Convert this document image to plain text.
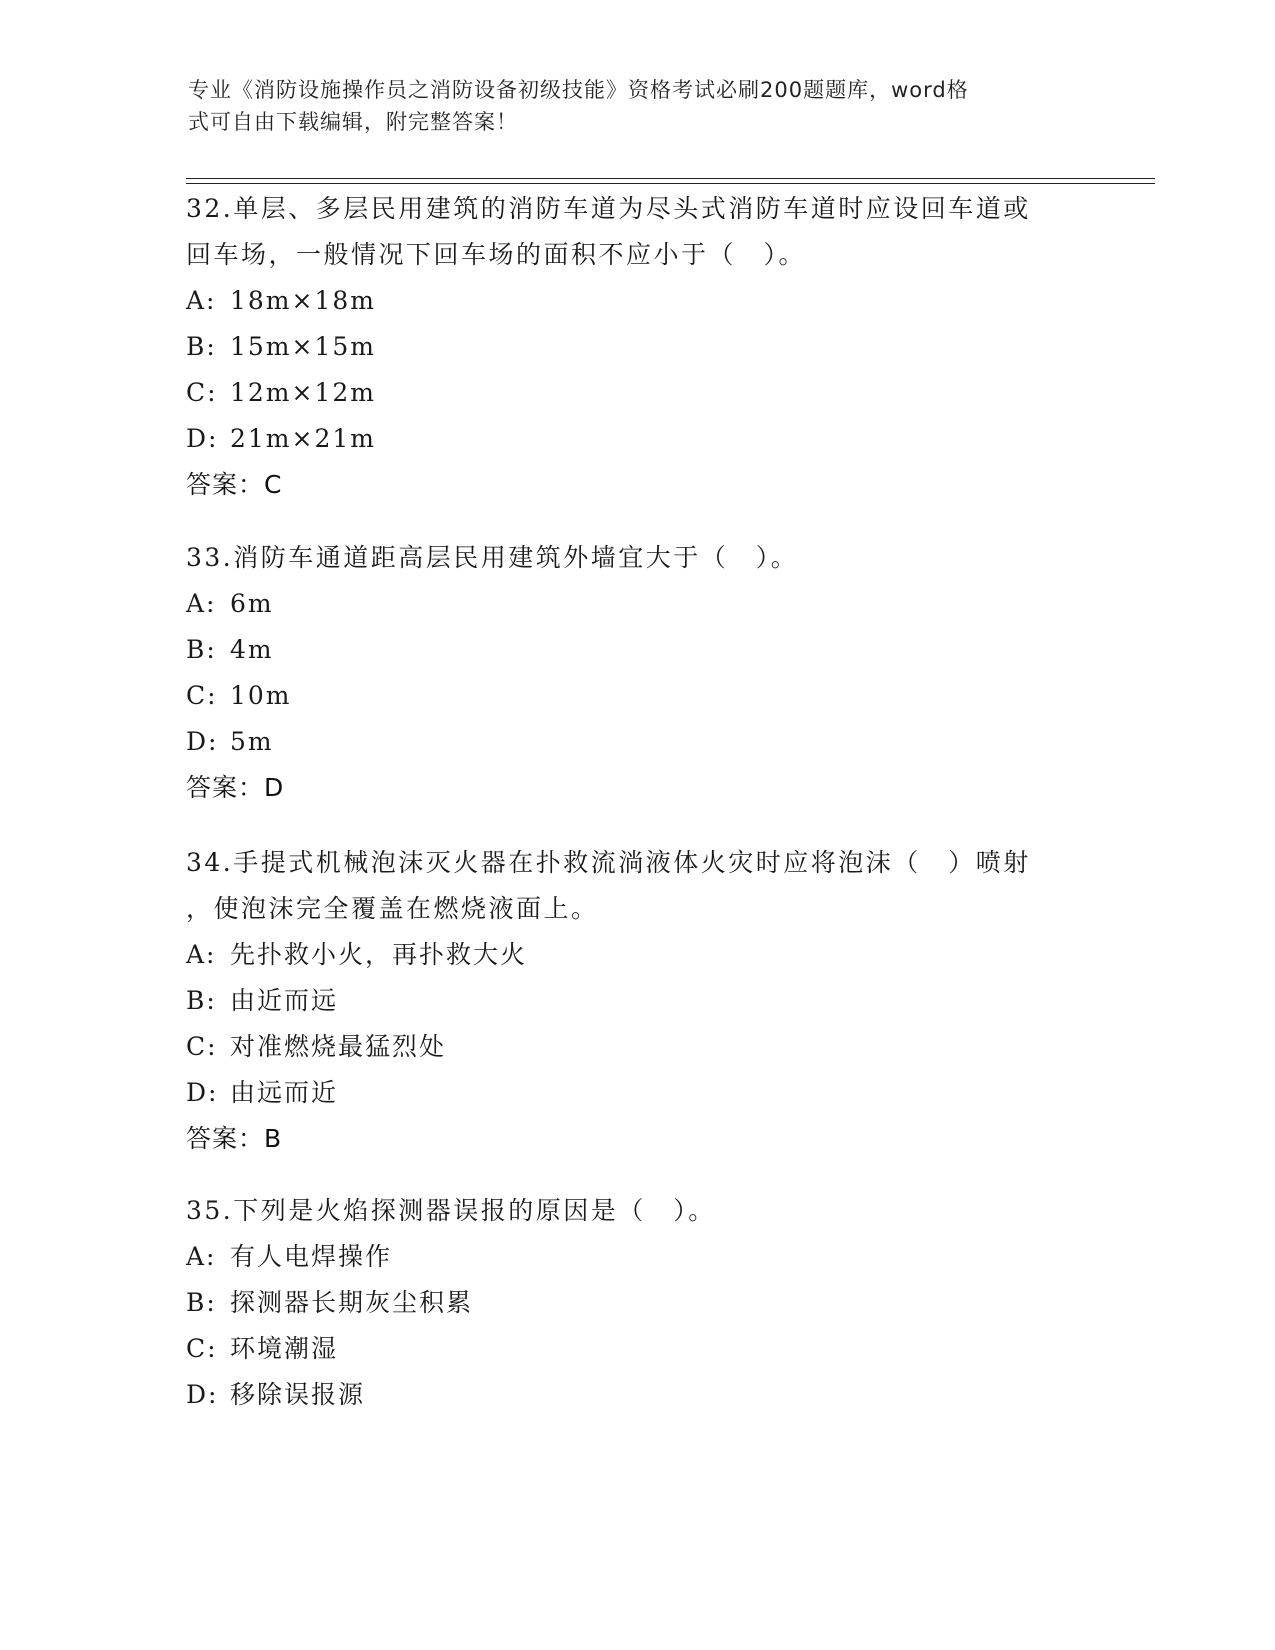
专业《消防设施操作员之消防设备初级技能》资格考试必刷200题题库，word格
式可自由下载编辑，附完整答案！

32.单层、多层民用建筑的消防车道为尽头式消防车道时应设回车道或

回车场，一般情况下回车场的面积不应小于（　）。

A: 18m×18m

B: 15m×15m

C: 12m×12m

D: 21m×21m

答案：C

33.消防车通道距高层民用建筑外墙宜大于（　）。

A: 6m

B: 4m

C: 10m

D: 5m

答案：D

34.手提式机械泡沫灭火器在扑救流淌液体火灾时应将泡沫（　）喷射

，使泡沫完全覆盖在燃烧液面上。

A: 先扑救小火，再扑救大火

B: 由近而远

C: 对准燃烧最猛烈处

D: 由远而近

答案：B

35.下列是火焰探测器误报的原因是（　）。

A: 有人电焊操作

B: 探测器长期灰尘积累

C: 环境潮湿

D: 移除误报源
